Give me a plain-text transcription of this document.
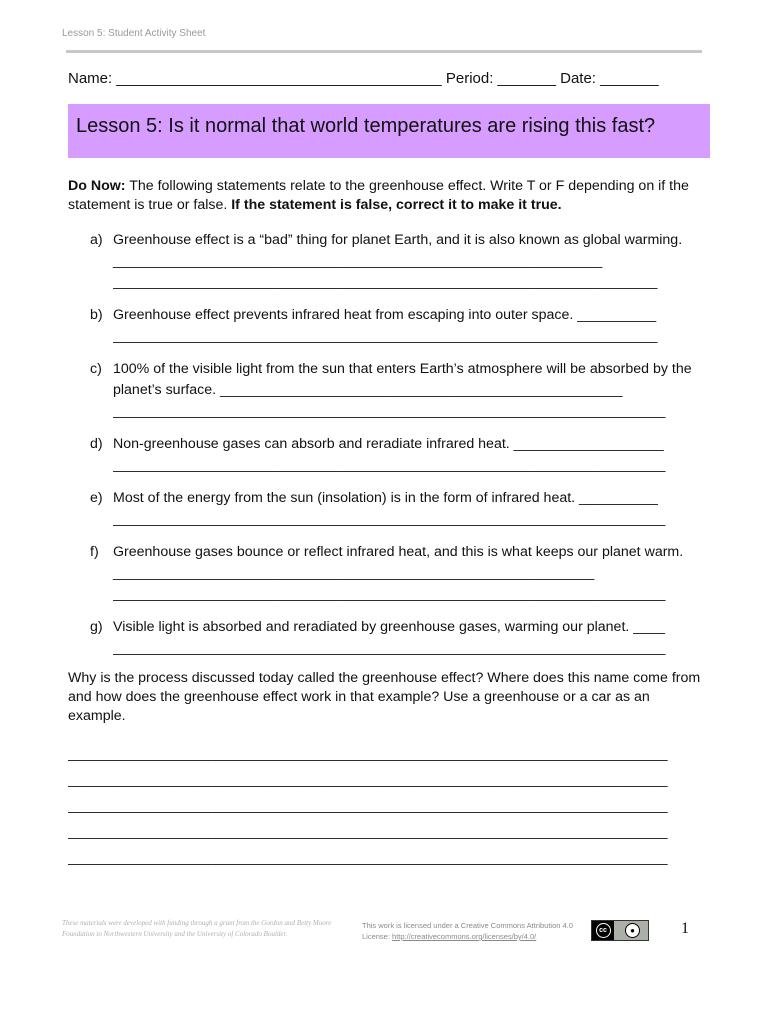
Lesson 5: Student Activity Sheet
Name: _______________________________________ Period: _______ Date: _______
Lesson 5: Is it normal that world temperatures are rising this fast?

Do Now: The following statements relate to the greenhouse effect. Write T or F depending on if the statement is true or false. If the statement is false, correct it to make it true.

a) Greenhouse effect is a “bad” thing for planet Earth, and it is also known as global warming. ______________________________________________________________
_____________________________________________________________________
b) Greenhouse effect prevents infrared heat from escaping into outer space. __________
_____________________________________________________________________
c) 100% of the visible light from the sun that enters Earth’s atmosphere will be absorbed by the planet’s surface. ___________________________________________________
______________________________________________________________________
d) Non-greenhouse gases can absorb and reradiate infrared heat. ___________________
______________________________________________________________________
e) Most of the energy from the sun (insolation) is in the form of infrared heat. __________
______________________________________________________________________
f)	Greenhouse gases bounce or reflect infrared heat, and this is what keeps our planet warm. _____________________________________________________________
______________________________________________________________________
g) Visible light is absorbed and reradiated by greenhouse gases, warming our planet. ____
______________________________________________________________________

Why is the process discussed today called the greenhouse effect? Where does this name come from and how does the greenhouse effect work in that example? Use a greenhouse or a car as an example.

_____________________________________________________________________________
_____________________________________________________________________________
_____________________________________________________________________________
_____________________________________________________________________________
_____________________________________________________________________________
These materials were developed with funding through a grant from the Gordon and Betty Moore Foundation to Northwestern University and the University of Colorado Boulder.
This work is licensed under a Creative Commons Attribution 4.0 License: http://creativecommons.org/licenses/by/4.0/
cc	●	1
